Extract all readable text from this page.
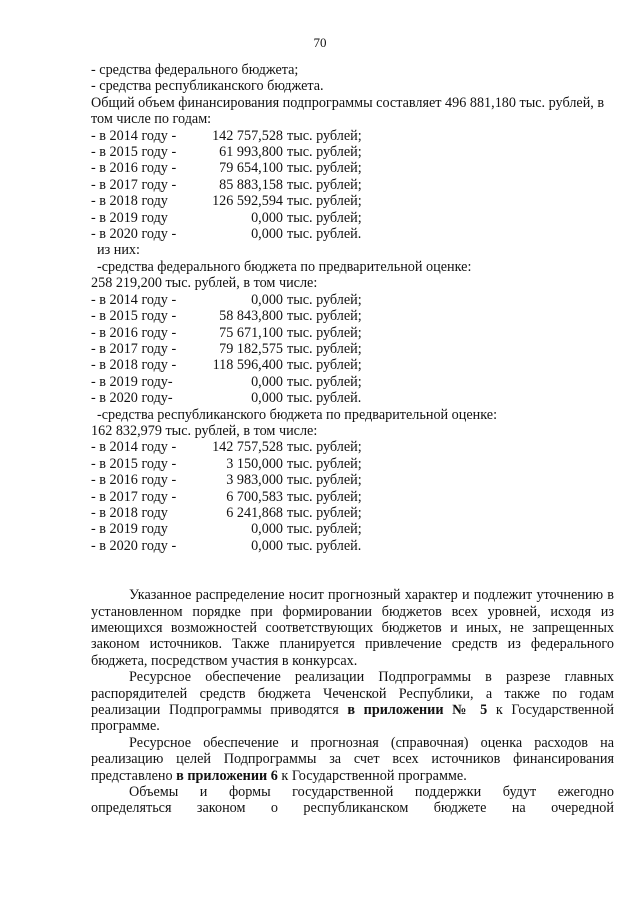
70
- средства федерального бюджета;
- средства республиканского бюджета.
Общий объем финансирования подпрограммы составляет 496 881,180 тыс. рублей, в
том числе по годам:
- в 2014 году -	142 757,528 тыс. рублей ;
- в 2015 году -	61 993,800 тыс. рублей ;
- в 2016 году -	79 654,100 тыс. рублей ;
- в 2017 году -	85 883,158 тыс. рублей ;
- в 2018 году	126 592,594 тыс. рублей ;
- в 2019 году	0,000 тыс. рублей ;
- в 2020 году -	0,000 тыс. рублей .
из них:
-средства федерального бюджета по предварительной оценке:
258 219,200 тыс. рублей, в том числе:
- в 2014 году -	0,000 тыс. рублей ;
- в 2015 году -	58 843,800 тыс. рублей ;
- в 2016 году -	75 671,100 тыс. рублей ;
- в 2017 году -	79 182,575 тыс. рублей ;
- в 2018 году -	118 596,400 тыс. рублей ;
- в 2019 году-	0,000 тыс. рублей ;
- в 2020 году-	0,000 тыс. рублей .
-средства республиканского бюджета по предварительной оценке:
162 832,979 тыс. рублей, в том числе:
- в 2014 году -	142 757,528 тыс. рублей ;
- в 2015 году -	3 150,000 тыс. рублей ;
- в 2016 году -	3 983,000 тыс. рублей ;
- в 2017 году -	6 700,583 тыс. рублей ;
- в 2018 году	6 241,868 тыс. рублей ;
- в 2019 году	0,000 тыс. рублей ;
- в 2020 году -	0,000 тыс. рублей .
Указанное распределение носит прогнозный характер и подлежит уточнению в установленном порядке при формировании бюджетов всех уровней, исходя из имеющихся возможностей соответствующих бюджетов и иных, не запрещенных законом источников. Также планируется привлечение средств из федерального бюджета, посредством участия в конкурсах.
Ресурсное обеспечение реализации Подпрограммы в разрезе главных распорядителей средств бюджета Чеченской Республики, а также по годам реализации Подпрограммы приводятся в приложении № 5 к Государственной программе.
Ресурсное обеспечение и прогнозная (справочная) оценка расходов на реализацию целей Подпрограммы за счет всех источников финансирования представлено в приложении 6 к Государственной программе.
Объемы и формы государственной поддержки будут ежегодно
определяться законом о республиканском бюджете на очередной
